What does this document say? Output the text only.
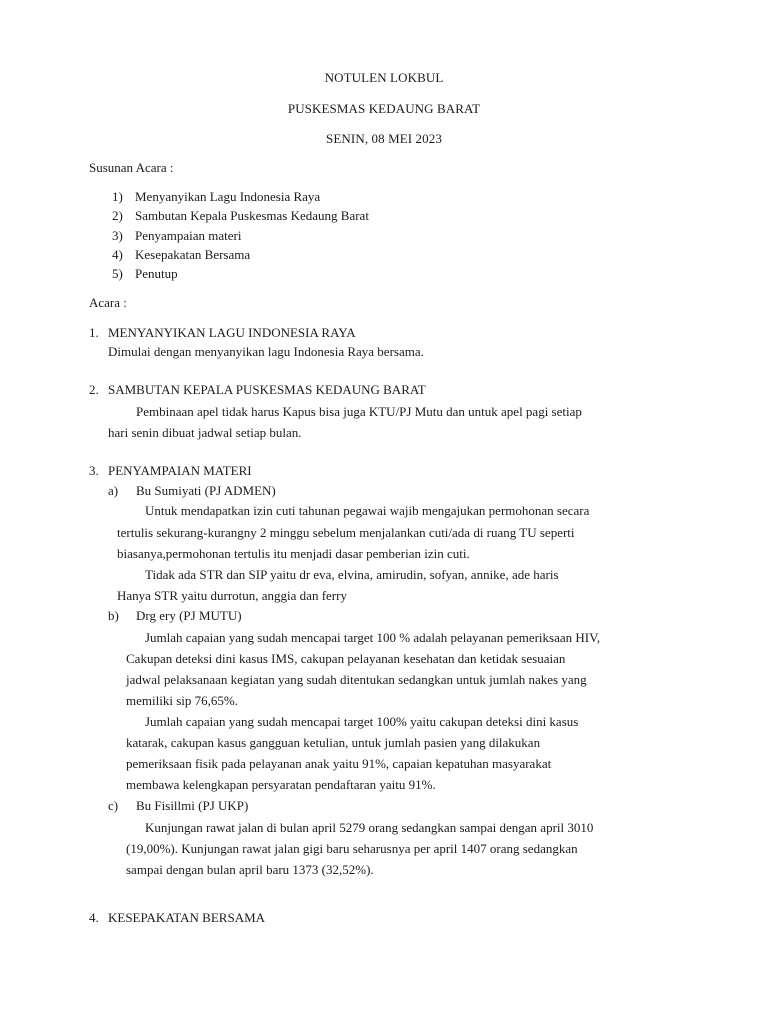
NOTULEN LOKBUL
PUSKESMAS KEDAUNG BARAT
SENIN, 08 MEI 2023
Susunan Acara :
1) Menyanyikan Lagu Indonesia Raya
2) Sambutan Kepala Puskesmas Kedaung Barat
3) Penyampaian materi
4) Kesepakatan Bersama
5) Penutup
Acara :
1. MENYANYIKAN LAGU INDONESIA RAYA
Dimulai dengan menyanyikan lagu Indonesia Raya bersama.
2. SAMBUTAN KEPALA PUSKESMAS KEDAUNG BARAT
Pembinaan apel tidak harus Kapus bisa juga KTU/PJ Mutu dan untuk apel pagi setiap
hari senin dibuat jadwal setiap bulan.
3. PENYAMPAIAN MATERI
a) Bu Sumiyati (PJ ADMEN)
Untuk mendapatkan izin cuti tahunan pegawai wajib mengajukan permohonan secara
tertulis sekurang-kurangny 2 minggu sebelum menjalankan cuti/ada di ruang TU seperti
biasanya,permohonan tertulis itu menjadi dasar pemberian izin cuti.
Tidak ada STR dan SIP yaitu dr eva, elvina, amirudin, sofyan, annike, ade haris
Hanya STR yaitu durrotun, anggia dan ferry
b) Drg ery (PJ MUTU)
Jumlah capaian yang sudah mencapai target 100 % adalah pelayanan pemeriksaan HIV,
Cakupan deteksi dini kasus IMS, cakupan pelayanan kesehatan dan ketidak sesuaian
jadwal pelaksanaan kegiatan yang sudah ditentukan sedangkan untuk jumlah nakes yang
memiliki sip 76,65%.
Jumlah capaian yang sudah mencapai target 100% yaitu cakupan deteksi dini kasus
katarak, cakupan kasus gangguan ketulian, untuk jumlah pasien yang dilakukan
pemeriksaan fisik pada pelayanan anak yaitu 91%, capaian kepatuhan masyarakat
membawa kelengkapan persyaratan pendaftaran yaitu 91%.
c) Bu Fisillmi (PJ UKP)
Kunjungan rawat jalan di bulan april 5279 orang sedangkan sampai dengan april 3010
(19,00%). Kunjungan rawat jalan gigi baru seharusnya per april 1407 orang sedangkan
sampai dengan bulan april baru 1373 (32,52%).
4. KESEPAKATAN BERSAMA
